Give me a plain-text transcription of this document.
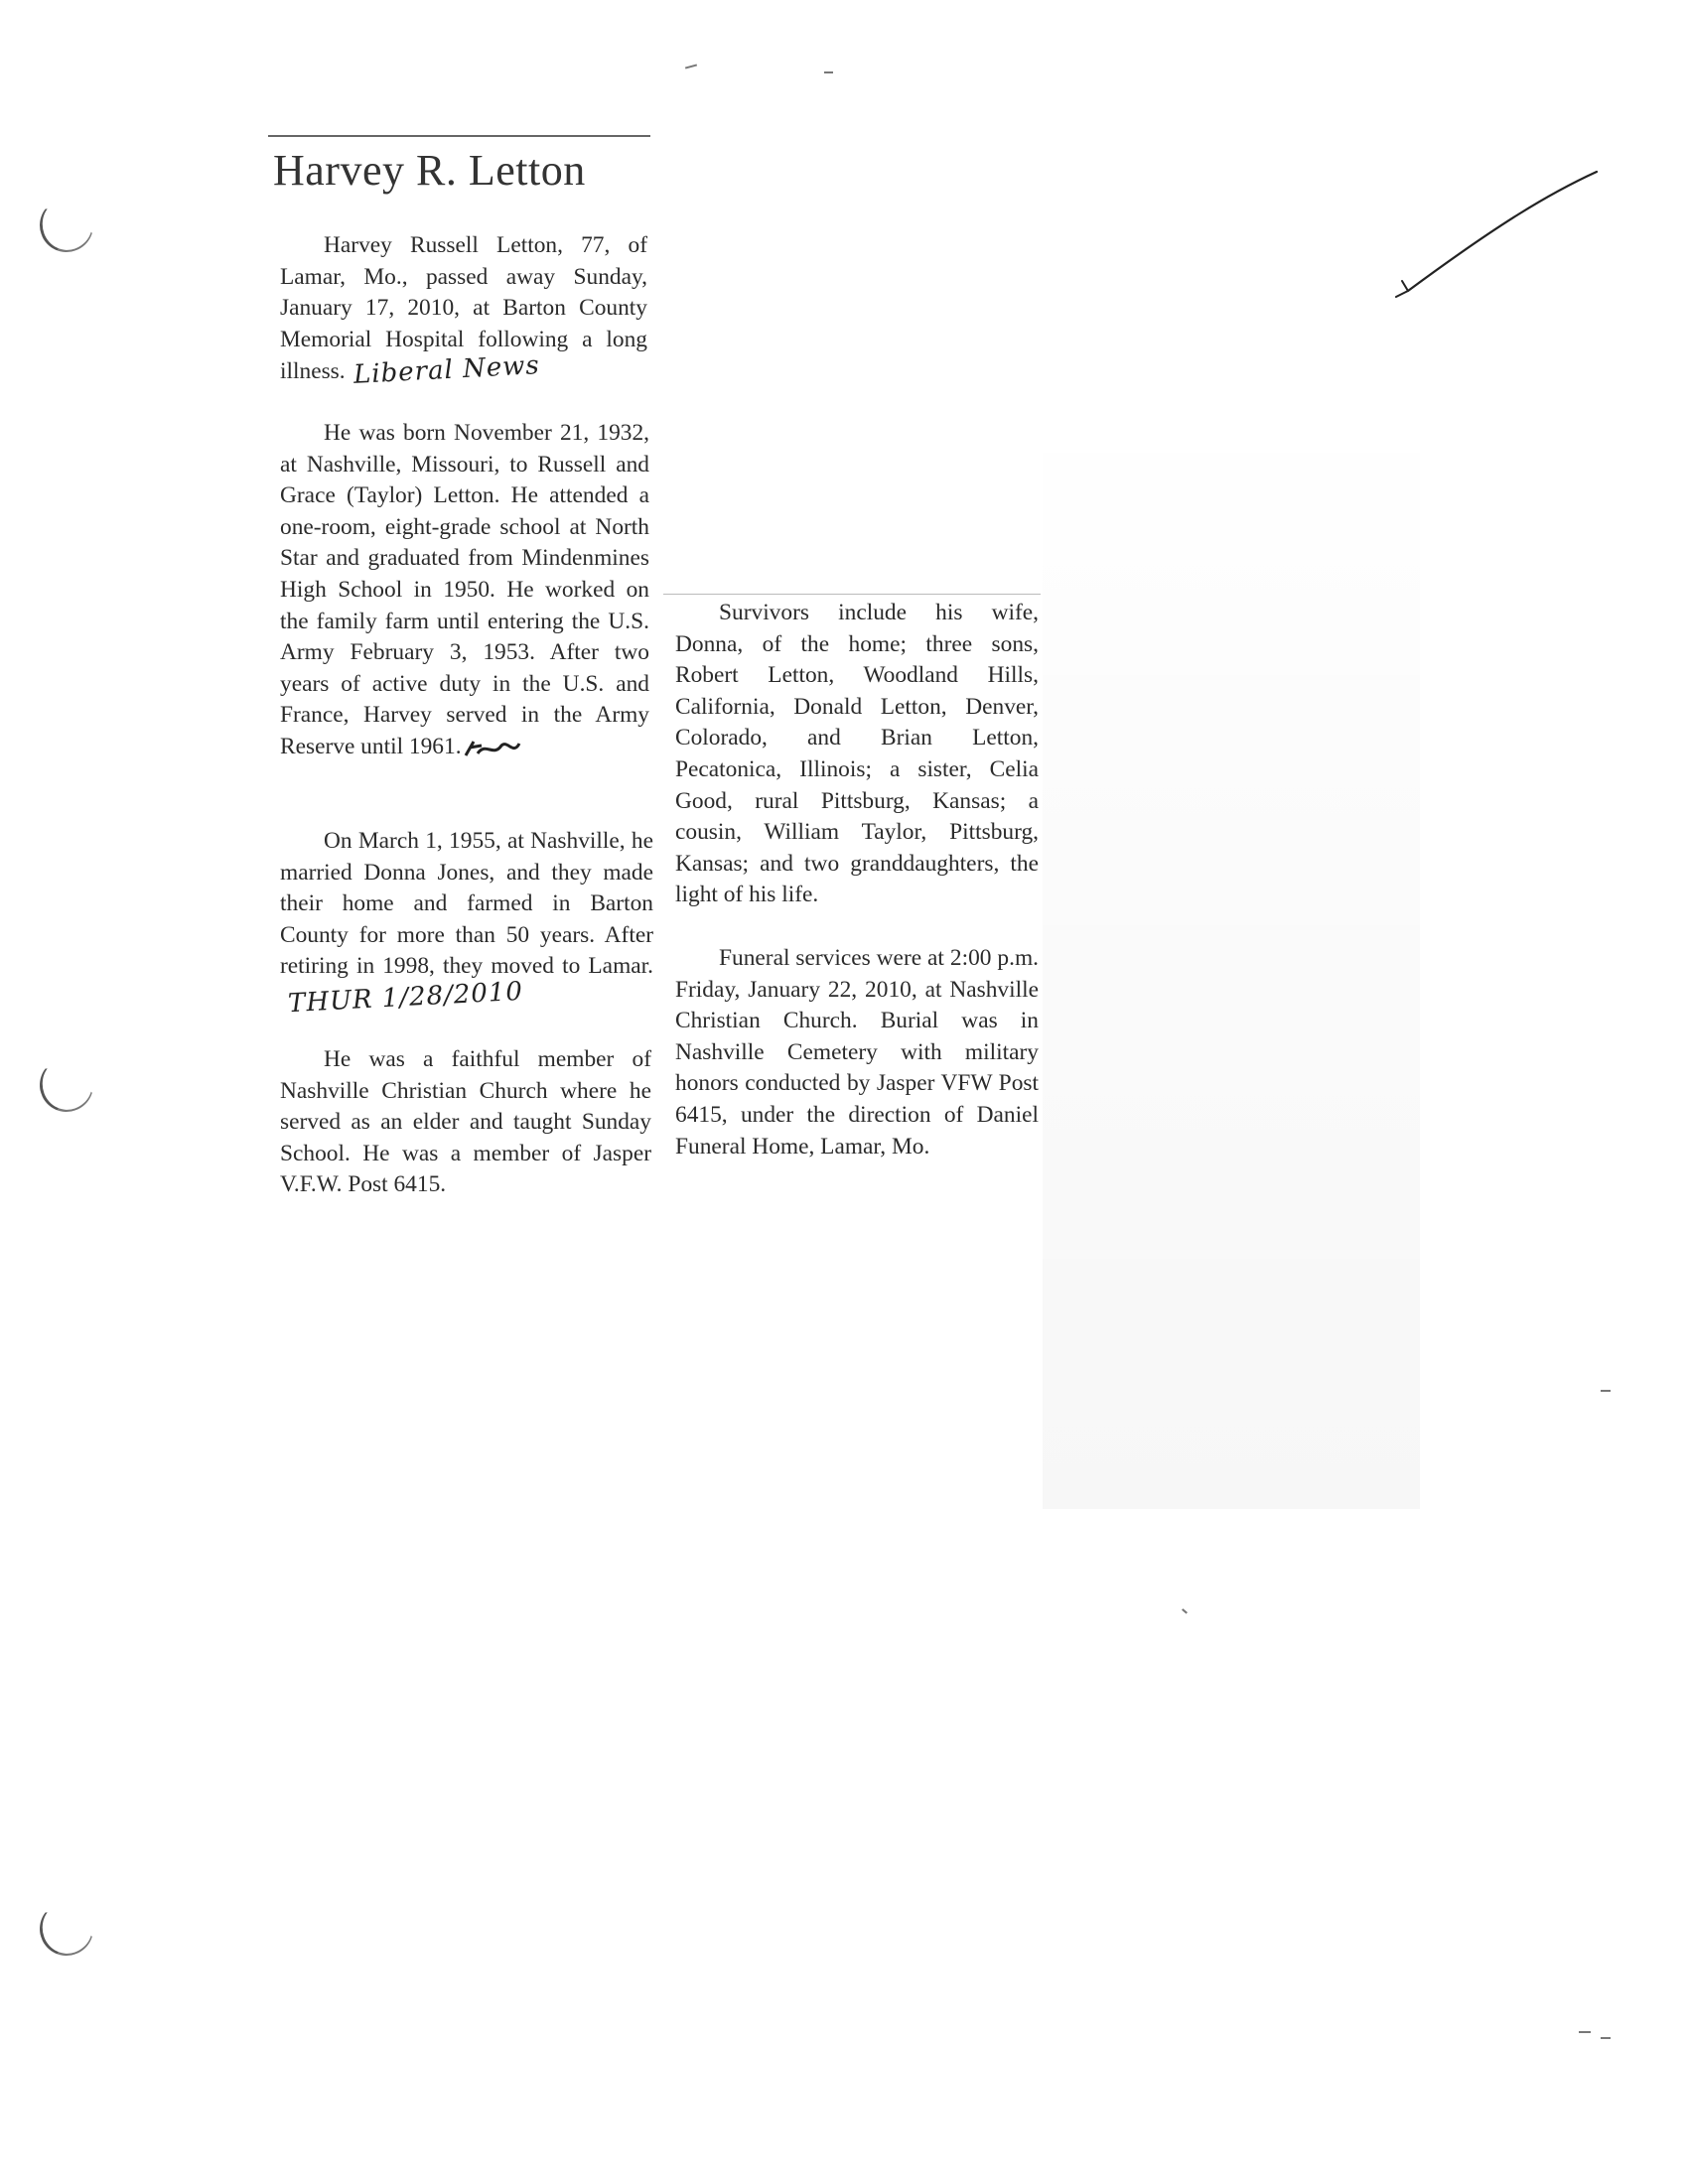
Harvey R. Letton

Harvey Russell Letton, 77, of Lamar, Mo., passed away Sunday, January 17, 2010, at Barton County Memorial Hospital following a long illness. Liberal News

He was born November 21, 1932, at Nashville, Missouri, to Russell and Grace (Taylor) Letton. He attended a one-room, eight-grade school at North Star and graduated from Mindenmines High School in 1950. He worked on the family farm until entering the U.S. Army February 3, 1953. After two years of active duty in the U.S. and France, Harvey served in the Army Reserve until 1961.

On March 1, 1955, at Nashville, he married Donna Jones, and they made their home and farmed in Barton County for more than 50 years. After retiring in 1998, they moved to Lamar.THUR 1/28/2010

He was a faithful member of Nashville Christian Church where he served as an elder and taught Sunday School. He was a member of Jasper V.F.W. Post 6415.

Survivors include his wife, Donna, of the home; three sons, Robert Letton, Woodland Hills, California, Donald Letton, Denver, Colorado, and Brian Letton, Pecatonica, Illinois; a sister, Celia Good, rural Pittsburg, Kansas; a cousin, William Taylor, Pittsburg, Kansas; and two granddaughters, the light of his life.

Funeral services were at 2:00 p.m. Friday, January 22, 2010, at Nashville Christian Church. Burial was in Nashville Cemetery with military honors conducted by Jasper VFW Post 6415, under the direction of Daniel Funeral Home, Lamar, Mo.
